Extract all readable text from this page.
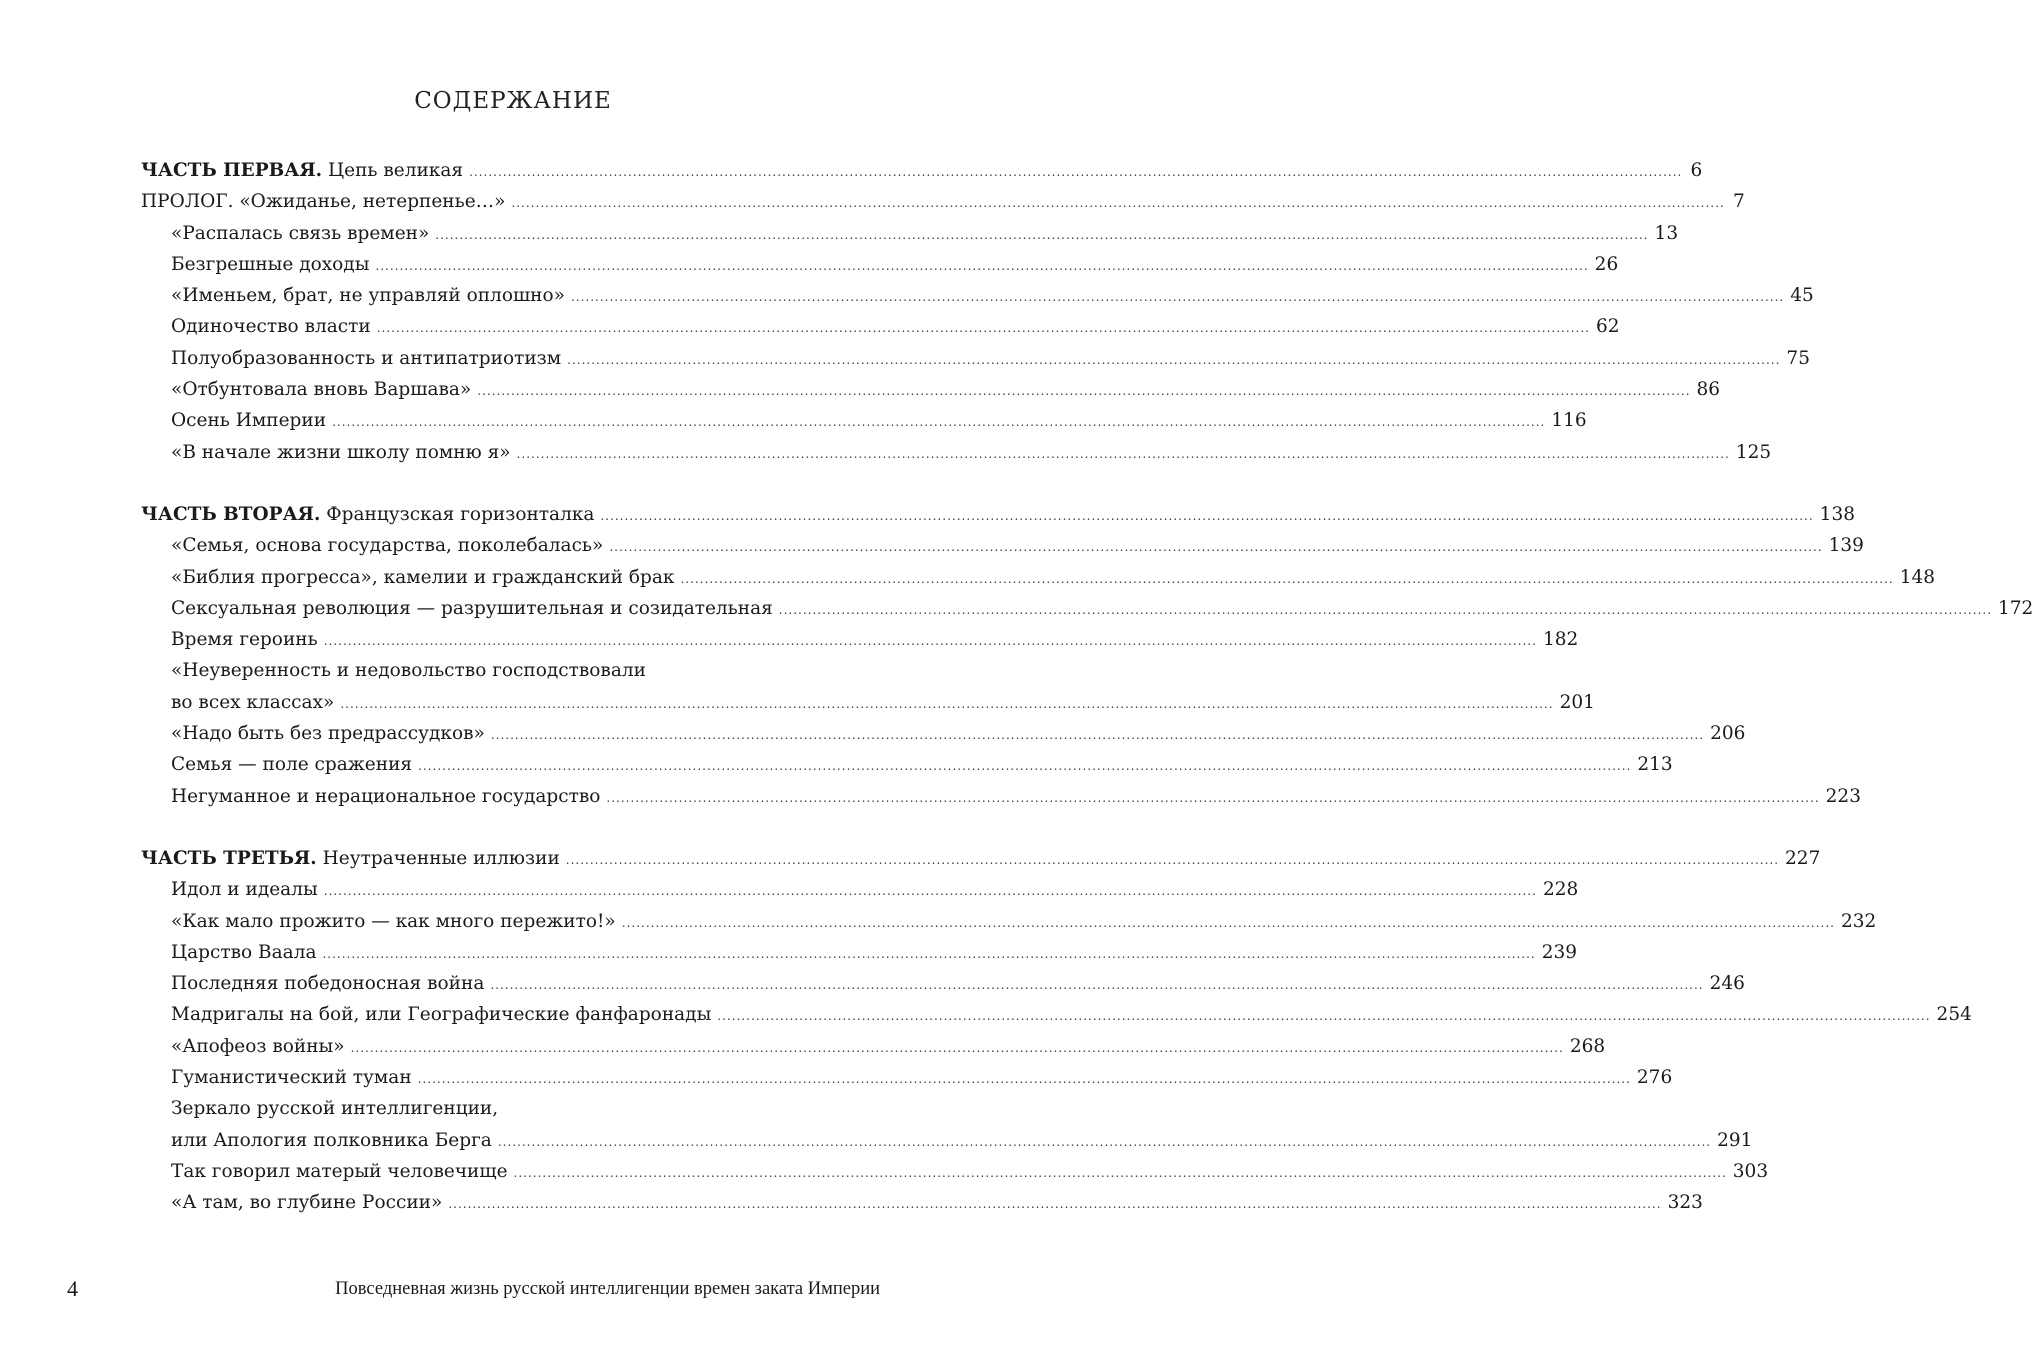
СОДЕРЖАНИЕ
ЧАСТЬ ПЕРВАЯ. Цепь великая .....	6
ПРОЛОГ. «Ожиданье, нетерпенье…» .....	7
«Распалась связь времен» .....	13
Безгрешные доходы .....	26
«Именьем, брат, не управляй оплошно» .....	45
Одиночество власти .....	62
Полуобразованность и антипатриотизм .....	75
«Отбунтовала вновь Варшава» .....	86
Осень Империи .....	116
«В начале жизни школу помню я» .....	125
ЧАСТЬ ВТОРАЯ. Французская горизонталка .....	138
«Семья, основа государства, поколебалась» .....	139
«Библия прогресса», камелии и гражданский брак .....	148
Сексуальная революция — разрушительная и созидательная .....	172
Время героинь .....	182
«Неуверенность и недовольство господствовали
во всех классах» .....	201
«Надо быть без предрассудков» .....	206
Семья — поле сражения .....	213
Негуманное и нерациональное государство .....	223
ЧАСТЬ ТРЕТЬЯ. Неутраченные иллюзии .....	227
Идол и идеалы .....	228
«Как мало прожито — как много пережито!» .....	232
Царство Ваала .....	239
Последняя победоносная война .....	246
Мадригалы на бой, или Географические фанфаронады .....	254
«Апофеоз войны» .....	268
Гуманистический туман .....	276
Зеркало русской интеллигенции,
или Апология полковника Берга .....	291
Так говорил матерый человечище .....	303
«А там, во глубине России» .....	323
4	Повседневная жизнь русской интеллигенции времен заката Империи
